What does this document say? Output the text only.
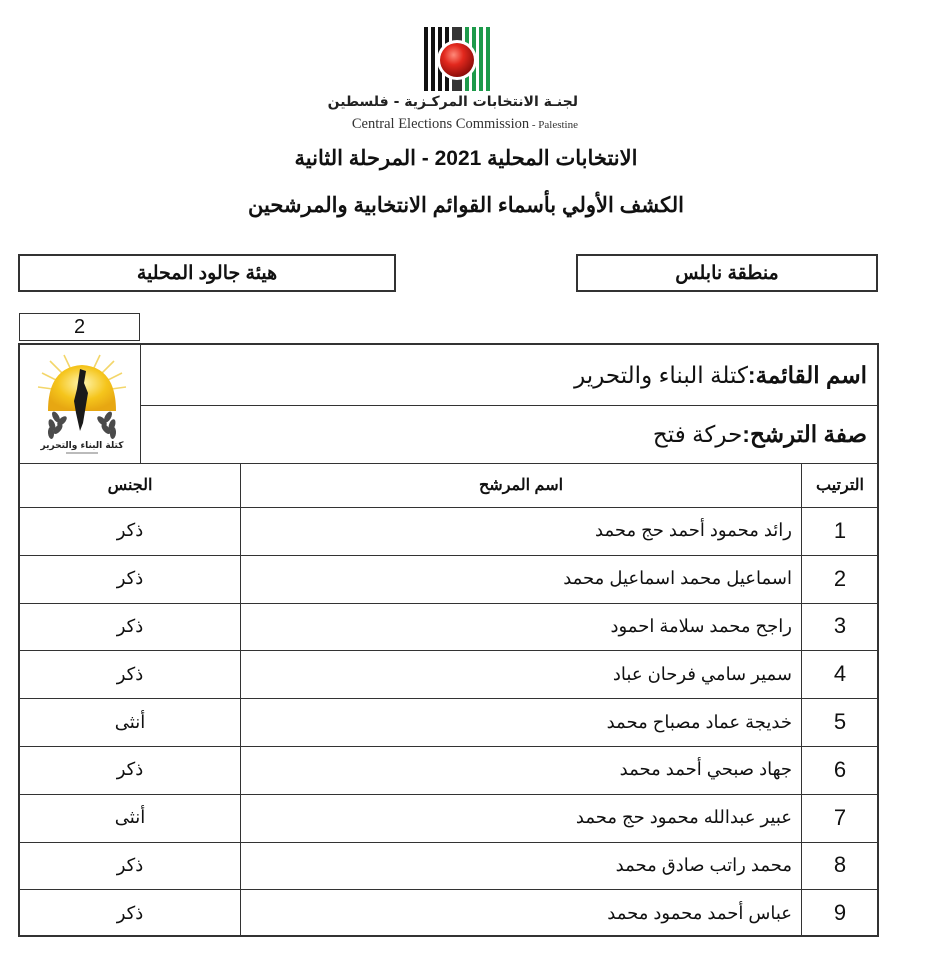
لجنـة الانتخابات المركـزية - فلسطين
Central Elections Commission - Palestine
الانتخابات المحلية 2021 - المرحلة الثانية
الكشف الأولي بأسماء القوائم الانتخابية والمرشحين
هيئة جالود المحلية	منطقة نابلس
2
اسم القائمة:
كتلة البناء والتحرير
صفة الترشح:
حركة فتح
كتلة البناء والتحرير
الترتيب
اسم المرشح
الجنس
1
رائد محمود أحمد حج محمد
ذكر
2
اسماعيل محمد اسماعيل محمد
ذكر
3
راجح محمد سلامة احمود
ذكر
4
سمير سامي فرحان عباد
ذكر
5
خديجة عماد مصباح محمد
أنثى
6
جهاد صبحي أحمد محمد
ذكر
7
عبير عبدالله محمود حج محمد
أنثى
8
محمد راتب صادق محمد
ذكر
9
عباس أحمد محمود محمد
ذكر
